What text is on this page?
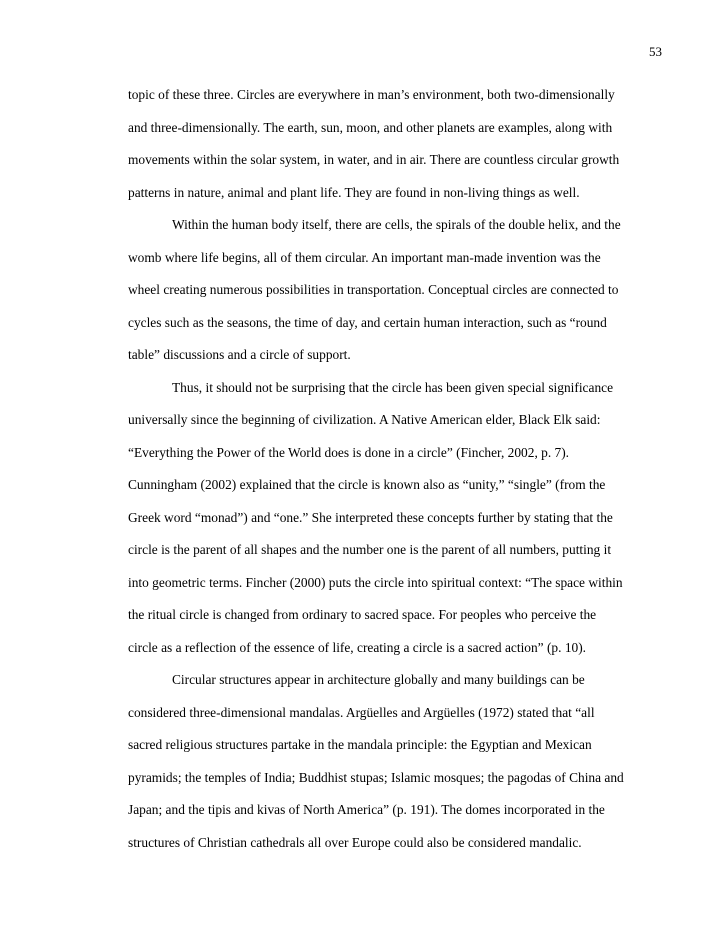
53
topic of these three. Circles are everywhere in man’s environment, both two-dimensionally
and three-dimensionally. The earth, sun, moon, and other planets are examples, along with
movements within the solar system, in water, and in air. There are countless circular growth
patterns in nature, animal and plant life. They are found in non-living things as well.
Within the human body itself, there are cells, the spirals of the double helix, and the
womb where life begins, all of them circular. An important man-made invention was the
wheel creating numerous possibilities in transportation. Conceptual circles are connected to
cycles such as the seasons, the time of day, and certain human interaction, such as “round
table” discussions and a circle of support.
Thus, it should not be surprising that the circle has been given special significance
universally since the beginning of civilization. A Native American elder, Black Elk said:
“Everything the Power of the World does is done in a circle” (Fincher, 2002, p. 7).
Cunningham (2002) explained that the circle is known also as “unity,” “single” (from the
Greek word “monad”) and “one.” She interpreted these concepts further by stating that the
circle is the parent of all shapes and the number one is the parent of all numbers, putting it
into geometric terms. Fincher (2000) puts the circle into spiritual context: “The space within
the ritual circle is changed from ordinary to sacred space. For peoples who perceive the
circle as a reflection of the essence of life, creating a circle is a sacred action” (p. 10).
Circular structures appear in architecture globally and many buildings can be
considered three-dimensional mandalas. Argüelles and Argüelles (1972) stated that “all
sacred religious structures partake in the mandala principle: the Egyptian and Mexican
pyramids; the temples of India; Buddhist stupas; Islamic mosques; the pagodas of China and
Japan; and the tipis and kivas of North America” (p. 191). The domes incorporated in the
structures of Christian cathedrals all over Europe could also be considered mandalic.
